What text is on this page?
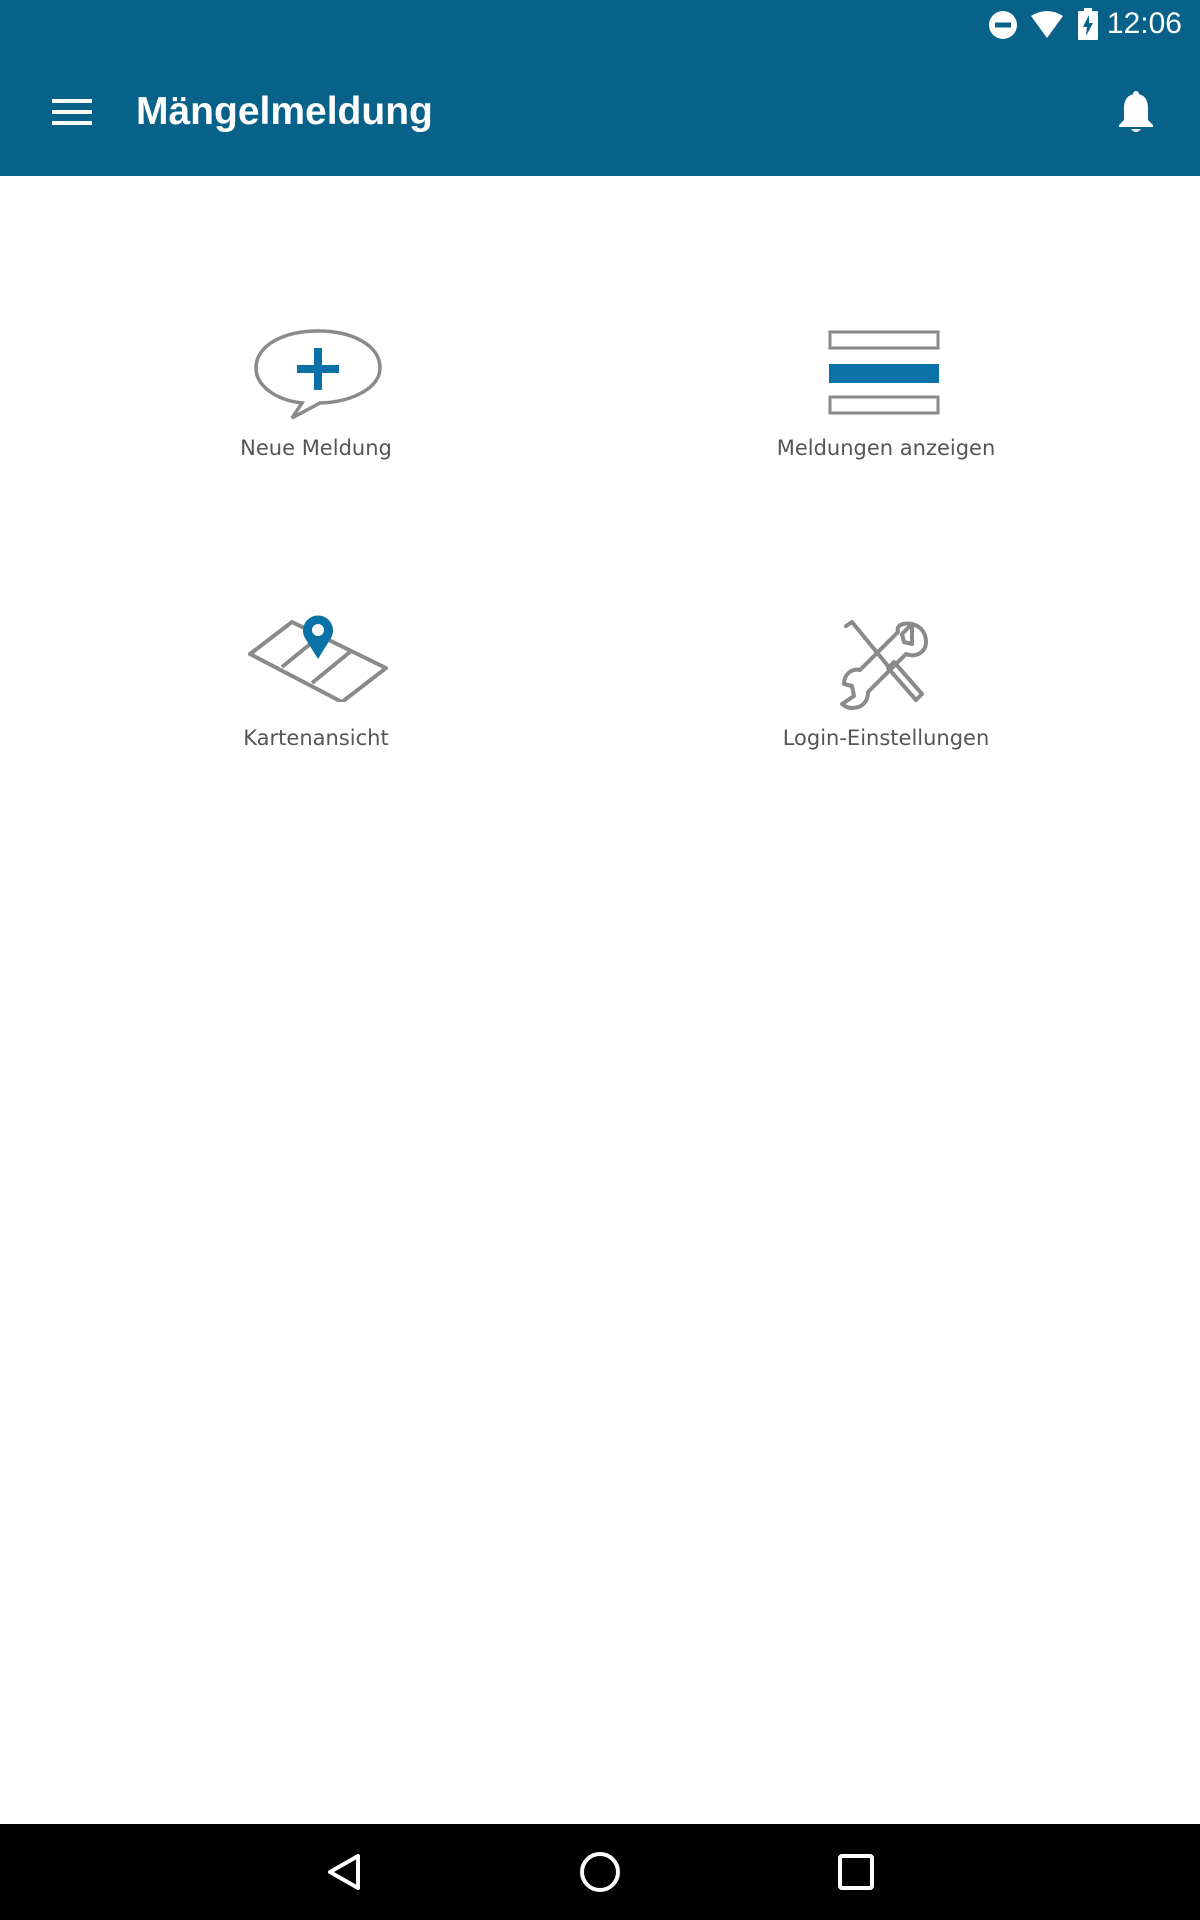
12:06
Mängelmeldung
Neue Meldung	Meldungen anzeigen
Kartenansicht	Login-Einstellungen
